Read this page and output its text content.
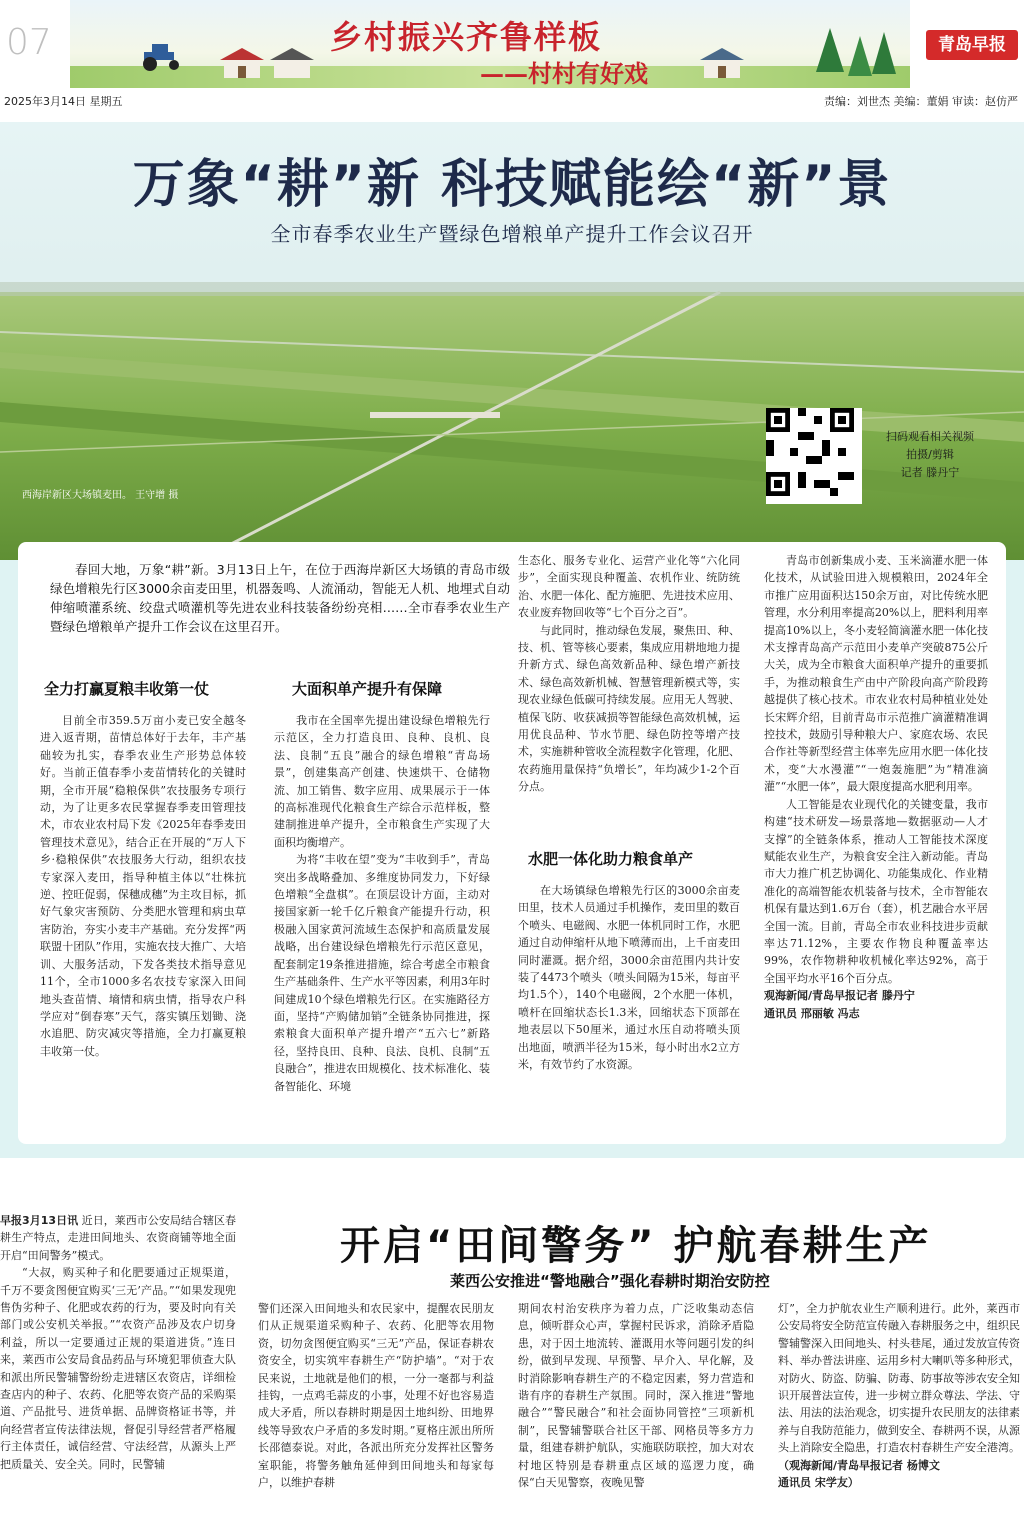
07	乡村振兴齐鲁样板
——村村有好戏
青岛早报
2025年3月14日 星期五	责编：刘世杰 美编：董娟 审读：赵仿严
万象“耕”新 科技赋能绘“新”景
全市春季农业生产暨绿色增粮单产提升工作会议召开
西海岸新区大场镇麦田。 王守增 摄
扫码观看相关视频
拍摄/剪辑
记者 滕丹宁
春回大地，万象“耕”新。3月13日上午，在位于西海岸新区大场镇的青岛市级绿色增粮先行区3000余亩麦田里，机器轰鸣、人流涌动，智能无人机、地埋式自动伸缩喷灌系统、绞盘式喷灌机等先进农业科技装备纷纷亮相……全市春季农业生产暨绿色增粮单产提升工作会议在这里召开。
全力打赢夏粮丰收第一仗

目前全市359.5万亩小麦已安全越冬进入返青期，苗情总体好于去年，丰产基础较为扎实，春季农业生产形势总体较好。当前正值春季小麦苗情转化的关键时期，全市开展“稳粮保供”农技服务专项行动，为了让更多农民掌握春季麦田管理技术，市农业农村局下发《2025年春季麦田管理技术意见》，结合正在开展的“万人下乡·稳粮保供”农技服务大行动，组织农技专家深入麦田，指导种植主体以“壮株抗逆、控旺促弱，保穗成穗”为主攻目标，抓好气象灾害预防、分类肥水管理和病虫草害防治，夯实小麦丰产基础。充分发挥“两联盟十团队”作用，实施农技大推广、大培训、大服务活动，下发各类技术指导意见11个，全市1000多名农技专家深入田间地头查苗情、墒情和病虫情，指导农户科学应对“倒春寒”天气，落实镇压划锄、浇水追肥、防灾减灾等措施，全力打赢夏粮丰收第一仗。

大面积单产提升有保障

我市在全国率先提出建设绿色增粮先行示范区，全力打造良田、良种、良机、良法、良制“五良”融合的绿色增粮“青岛场景”，创建集高产创建、快速烘干、仓储物流、加工销售、数字应用、成果展示于一体的高标准现代化粮食生产综合示范样板，整建制推进单产提升，全市粮食生产实现了大面积均衡增产。

为将“丰收在望”变为“丰收到手”，青岛突出多战略叠加、多维度协同发力，下好绿色增粮“全盘棋”。在顶层设计方面，主动对接国家新一轮千亿斤粮食产能提升行动，积极融入国家黄河流域生态保护和高质量发展战略，出台建设绿色增粮先行示范区意见，配套制定19条推进措施，综合考虑全市粮食生产基础条件、生产水平等因素，利用3年时间建成10个绿色增粮先行区。在实施路径方面，坚持“产购储加销”全链条协同推进，探索粮食大面积单产提升增产“五六七”新路径，坚持良田、良种、良法、良机、良制“五良融合”，推进农田规模化、技术标准化、装备智能化、环境

生态化、服务专业化、运营产业化等“六化同步”，全面实现良种覆盖、农机作业、统防统治、水肥一体化、配方施肥、先进技术应用、农业废弃物回收等“七个百分之百”。

与此同时，推动绿色发展，聚焦田、种、技、机、管等核心要素，集成应用耕地地力提升新方式、绿色高效新品种、绿色增产新技术、绿色高效新机械、智慧管理新模式等，实现农业绿色低碳可持续发展。应用无人驾驶、植保飞防、收获减损等智能绿色高效机械，运用优良品种、节水节肥、绿色防控等增产技术，实施耕种管收全流程数字化管理，化肥、农药施用量保持“负增长”，年均减少1-2个百分点。

水肥一体化助力粮食单产

在大场镇绿色增粮先行区的3000余亩麦田里，技术人员通过手机操作，麦田里的数百个喷头、电磁阀、水肥一体机同时工作，水肥通过自动伸缩杆从地下喷薄而出，上千亩麦田同时灌溉。据介绍，3000余亩范围内共计安装了4473个喷头（喷头间隔为15米，每亩平均1.5个），140个电磁阀，2个水肥一体机，喷杆在回缩状态长1.3米，回缩状态下顶部在地表层以下50厘米，通过水压自动将喷头顶出地面，喷洒半径为15米，每小时出水2立方米，有效节约了水资源。

青岛市创新集成小麦、玉米滴灌水肥一体化技术，从试验田进入规模粮田，2024年全市推广应用面积达150余万亩，对比传统水肥管理，水分利用率提高20%以上，肥料利用率提高10%以上，冬小麦轻简滴灌水肥一体化技术支撑青岛高产示范田小麦单产突破875公斤大关，成为全市粮食大面积单产提升的重要抓手，为推动粮食生产由中产阶段向高产阶段跨越提供了核心技术。市农业农村局种植业处处长宋辉介绍，目前青岛市示范推广滴灌精准调控技术，鼓励引导种粮大户、家庭农场、农民合作社等新型经营主体率先应用水肥一体化技术，变“大水漫灌”“一炮轰施肥”为“精准滴灌”“水肥一体”，最大限度提高水肥利用率。

人工智能是农业现代化的关键变量，我市构建“技术研发—场景落地—数据驱动—人才支撑”的全链条体系，推动人工智能技术深度赋能农业生产，为粮食安全注入新动能。青岛市大力推广机艺协调化、功能集成化、作业精准化的高端智能农机装备与技术，全市智能农机保有量达到1.6万台（套），机艺融合水平居全国一流。目前，青岛全市农业科技进步贡献率达71.12%，主要农作物良种覆盖率达99%，农作物耕种收机械化率达92%，高于全国平均水平16个百分点。

观海新闻/青岛早报记者 滕丹宁

通讯员 邢丽敏 冯志

开启“田间警务” 护航春耕生产
莱西公安推进“警地融合”强化春耕时期治安防控

早报3月13日讯 近日，莱西市公安局结合辖区春耕生产特点，走进田间地头、农资商铺等地全面开启“田间警务”模式。

“大叔，购买种子和化肥要通过正规渠道，千万不要贪图便宜购买‘三无’产品。”“如果发现兜售伪劣种子、化肥或农药的行为，要及时向有关部门或公安机关举报。”“农资产品涉及农户切身利益，所以一定要通过正规的渠道进货。”连日来，莱西市公安局食品药品与环境犯罪侦查大队和派出所民警辅警纷纷走进辖区农资店，详细检查店内的种子、农药、化肥等农资产品的采购渠道、产品批号、进货单据、品牌资格证书等，并向经营者宣传法律法规，督促引导经营者严格履行主体责任，诚信经营、守法经营，从源头上严把质量关、安全关。同时，民警辅

警们还深入田间地头和农民家中，提醒农民朋友们从正规渠道采购种子、农药、化肥等农用物资，切勿贪图便宜购买“三无”产品，保证春耕农资安全，切实筑牢春耕生产“防护墙”。“对于农民来说，土地就是他们的根，一分一毫都与利益挂钩，一点鸡毛蒜皮的小事，处理不好也容易造成大矛盾，所以春耕时期是因土地纠纷、田地界线等导致农户矛盾的多发时期。”夏格庄派出所所长邵德泰说。对此，各派出所充分发挥社区警务室职能，将警务触角延伸到田间地头和每家每户，以维护春耕

期间农村治安秩序为着力点，广泛收集动态信息，倾听群众心声，掌握村民诉求，消除矛盾隐患，对于因土地流转、灌溉用水等问题引发的纠纷，做到早发现、早预警、早介入、早化解，及时消除影响春耕生产的不稳定因素，努力营造和谐有序的春耕生产氛围。同时，深入推进“警地融合”“警民融合”和社会面协同管控“三项新机制”，民警辅警联合社区干部、网格员等多方力量，组建春耕护航队，实施联防联控，加大对农村地区特别是春耕重点区域的巡逻力度，确保“白天见警察，夜晚见警

灯”，全力护航农业生产顺利进行。此外，莱西市公安局将安全防范宣传融入春耕服务之中，组织民警辅警深入田间地头、村头巷尾，通过发放宣传资料、举办普法讲座、运用乡村大喇叭等多种形式，对防火、防盗、防骗、防毒、防事故等涉农安全知识开展普法宣传，进一步树立群众尊法、学法、守法、用法的法治观念，切实提升农民朋友的法律素养与自我防范能力，做到安全、春耕两不误，从源头上消除安全隐患，打造农村春耕生产安全港湾。

（观海新闻/青岛早报记者 杨博文

通讯员 宋学友）
